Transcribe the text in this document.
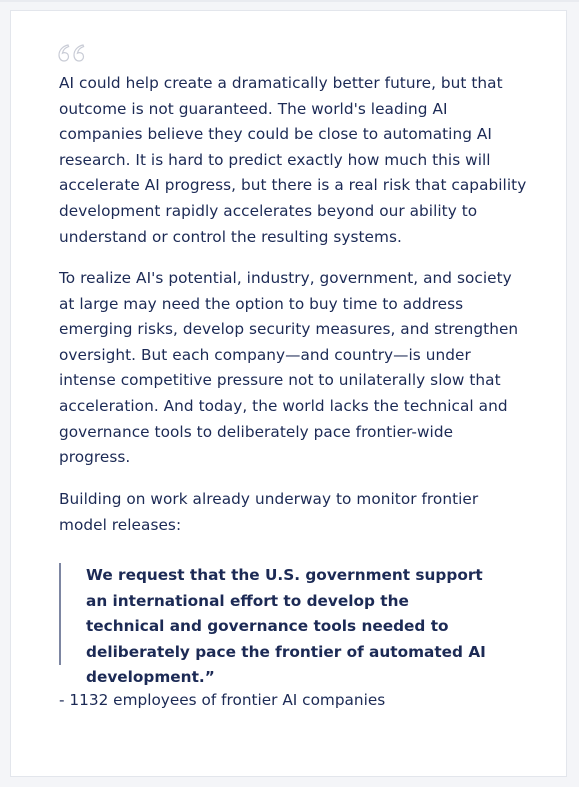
AI could help create a dramatically better future, but that outcome is not guaranteed. The world's leading AI companies believe they could be close to automating AI research. It is hard to predict exactly how much this will accelerate AI progress, but there is a real risk that capability development rapidly accelerates beyond our ability to understand or control the resulting systems.
To realize AI's potential, industry, government, and society at large may need the option to buy time to address emerging risks, develop security measures, and strengthen oversight. But each company—and country—is under intense competitive pressure not to unilaterally slow that acceleration. And today, the world lacks the technical and governance tools to deliberately pace frontier-wide progress.
Building on work already underway to monitor frontier model releases:
We request that the U.S. government support an international effort to develop the technical and governance tools needed to deliberately pace the frontier of automated AI development.”
- 1132 employees of frontier AI companies
